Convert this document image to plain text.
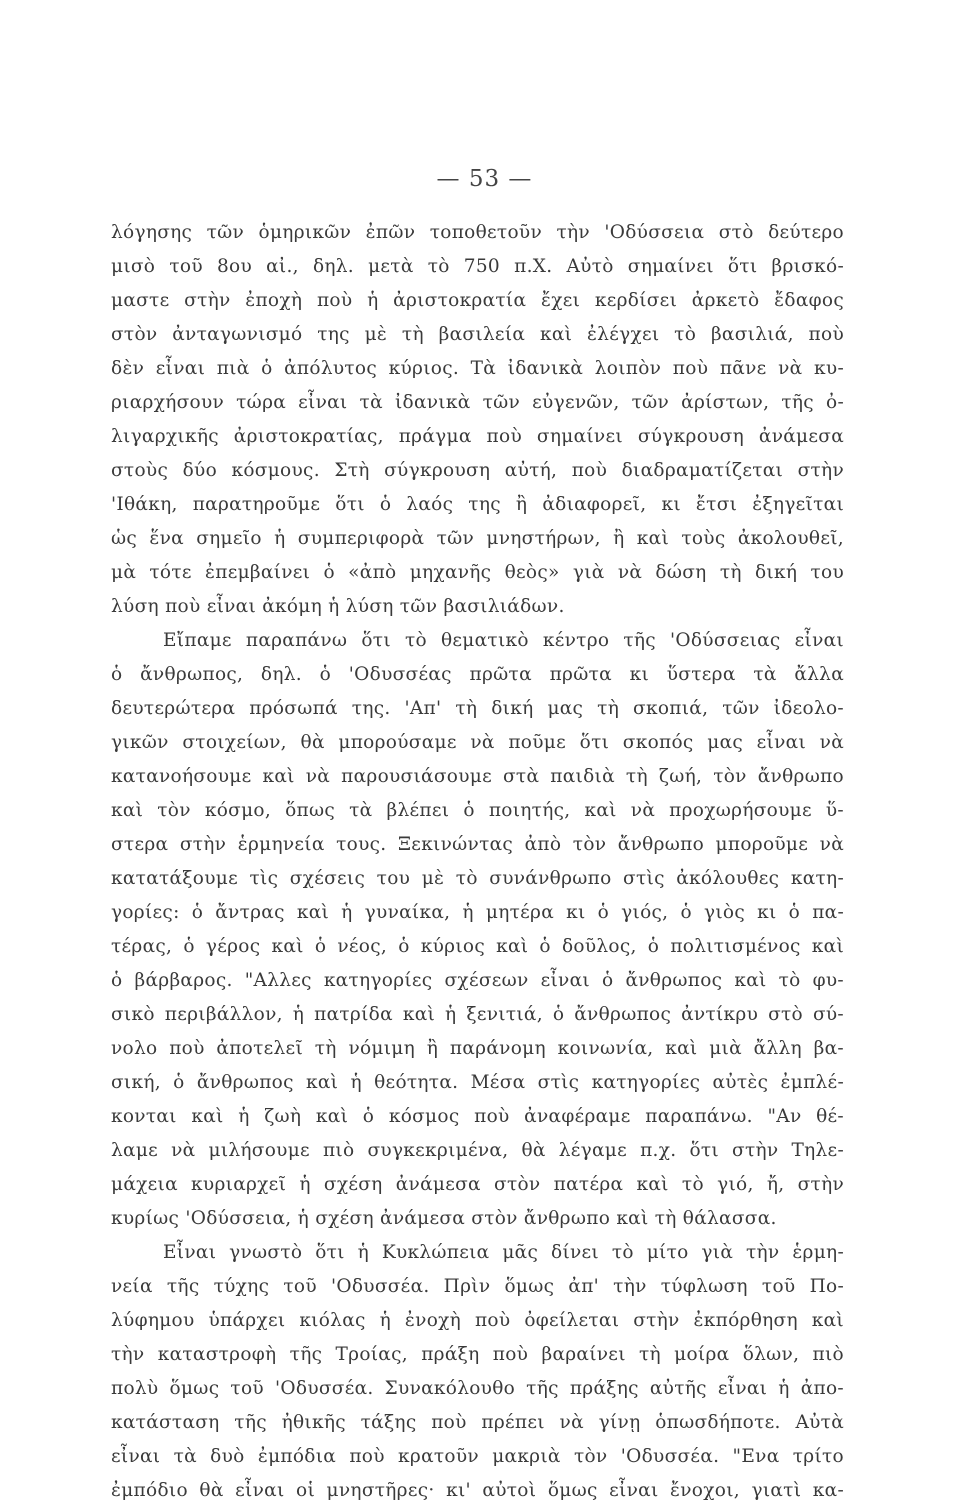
— 53 —
λόγησης τῶν ὁμηρικῶν ἐπῶν τοποθετοῦν τὴν 'Οδύσσεια στὸ δεύτερο
μισὸ τοῦ 8ου αἰ., δηλ. μετὰ τὸ 750 π.Χ. Αὐτὸ σημαίνει ὅτι βρισκό-
μαστε στὴν ἐποχὴ ποὺ ἡ ἀριστοκρατία ἔχει κερδίσει ἀρκετὸ ἔδαφος
στὸν ἀνταγωνισμό της μὲ τὴ βασιλεία καὶ ἐλέγχει τὸ βασιλιά, ποὺ
δὲν εἶναι πιὰ ὁ ἀπόλυτος κύριος. Τὰ ἰδανικὰ λοιπὸν ποὺ πᾶνε νὰ κυ-
ριαρχήσουν τώρα εἶναι τὰ ἰδανικὰ τῶν εὐγενῶν, τῶν ἀρίστων, τῆς ὀ-
λιγαρχικῆς ἀριστοκρατίας, πράγμα ποὺ σημαίνει σύγκρουση ἀνάμεσα
στοὺς δύο κόσμους. Στὴ σύγκρουση αὐτή, ποὺ διαδραματίζεται στὴν
'Ιθάκη, παρατηροῦμε ὅτι ὁ λαός της ἢ ἀδιαφορεῖ, κι ἔτσι ἐξηγεῖται
ὡς ἕνα σημεῖο ἡ συμπεριφορὰ τῶν μνηστήρων, ἢ καὶ τοὺς ἀκολουθεῖ,
μὰ τότε ἐπεμβαίνει ὁ «ἀπὸ μηχανῆς θεὸς» γιὰ νὰ δώση τὴ δική του
λύση ποὺ εἶναι ἀκόμη ἡ λύση τῶν βασιλιάδων.
Εἴπαμε παραπάνω ὅτι τὸ θεματικὸ κέντρο τῆς 'Οδύσσειας εἶναι
ὁ ἄνθρωπος, δηλ. ὁ 'Οδυσσέας πρῶτα πρῶτα κι ὕστερα τὰ ἄλλα
δευτερώτερα πρόσωπά της. 'Απ' τὴ δική μας τὴ σκοπιά, τῶν ἰδεολο-
γικῶν στοιχείων, θὰ μπορούσαμε νὰ ποῦμε ὅτι σκοπός μας εἶναι νὰ
κατανοήσουμε καὶ νὰ παρουσιάσουμε στὰ παιδιὰ τὴ ζωή, τὸν ἄνθρωπο
καὶ τὸν κόσμο, ὅπως τὰ βλέπει ὁ ποιητής, καὶ νὰ προχωρήσουμε ὕ-
στερα στὴν ἑρμηνεία τους. Ξεκινώντας ἀπὸ τὸν ἄνθρωπο μποροῦμε νὰ
κατατάξουμε τὶς σχέσεις του μὲ τὸ συνάνθρωπο στὶς ἀκόλουθες κατη-
γορίες: ὁ ἄντρας καὶ ἡ γυναίκα, ἡ μητέρα κι ὁ γιός, ὁ γιὸς κι ὁ πα-
τέρας, ὁ γέρος καὶ ὁ νέος, ὁ κύριος καὶ ὁ δοῦλος, ὁ πολιτισμένος καὶ
ὁ βάρβαρος. "Αλλες κατηγορίες σχέσεων εἶναι ὁ ἄνθρωπος καὶ τὸ φυ-
σικὸ περιβάλλον, ἡ πατρίδα καὶ ἡ ξενιτιά, ὁ ἄνθρωπος ἀντίκρυ στὸ σύ-
νολο ποὺ ἀποτελεῖ τὴ νόμιμη ἢ παράνομη κοινωνία, καὶ μιὰ ἄλλη βα-
σική, ὁ ἄνθρωπος καὶ ἡ θεότητα. Μέσα στὶς κατηγορίες αὐτὲς ἐμπλέ-
κονται καὶ ἡ ζωὴ καὶ ὁ κόσμος ποὺ ἀναφέραμε παραπάνω. "Αν θέ-
λαμε νὰ μιλήσουμε πιὸ συγκεκριμένα, θὰ λέγαμε π.χ. ὅτι στὴν Τηλε-
μάχεια κυριαρχεῖ ἡ σχέση ἀνάμεσα στὸν πατέρα καὶ τὸ γιό, ἤ, στὴν
κυρίως 'Οδύσσεια, ἡ σχέση ἀνάμεσα στὸν ἄνθρωπο καὶ τὴ θάλασσα.
Εἶναι γνωστὸ ὅτι ἡ Κυκλώπεια μᾶς δίνει τὸ μίτο γιὰ τὴν ἑρμη-
νεία τῆς τύχης τοῦ 'Οδυσσέα. Πρὶν ὅμως ἀπ' τὴν τύφλωση τοῦ Πο-
λύφημου ὑπάρχει κιόλας ἡ ἐνοχὴ ποὺ ὀφείλεται στὴν ἐκπόρθηση καὶ
τὴν καταστροφὴ τῆς Τροίας, πράξη ποὺ βαραίνει τὴ μοίρα ὅλων, πιὸ
πολὺ ὅμως τοῦ 'Οδυσσέα. Συνακόλουθο τῆς πράξης αὐτῆς εἶναι ἡ ἀπο-
κατάσταση τῆς ἠθικῆς τάξης ποὺ πρέπει νὰ γίνῃ ὁπωσδήποτε. Αὐτὰ
εἶναι τὰ δυὸ ἐμπόδια ποὺ κρατοῦν μακριὰ τὸν 'Οδυσσέα. "Ενα τρίτο
ἐμπόδιο θὰ εἶναι οἱ μνηστῆρες· κι' αὐτοὶ ὅμως εἶναι ἔνοχοι, γιατὶ κα-
